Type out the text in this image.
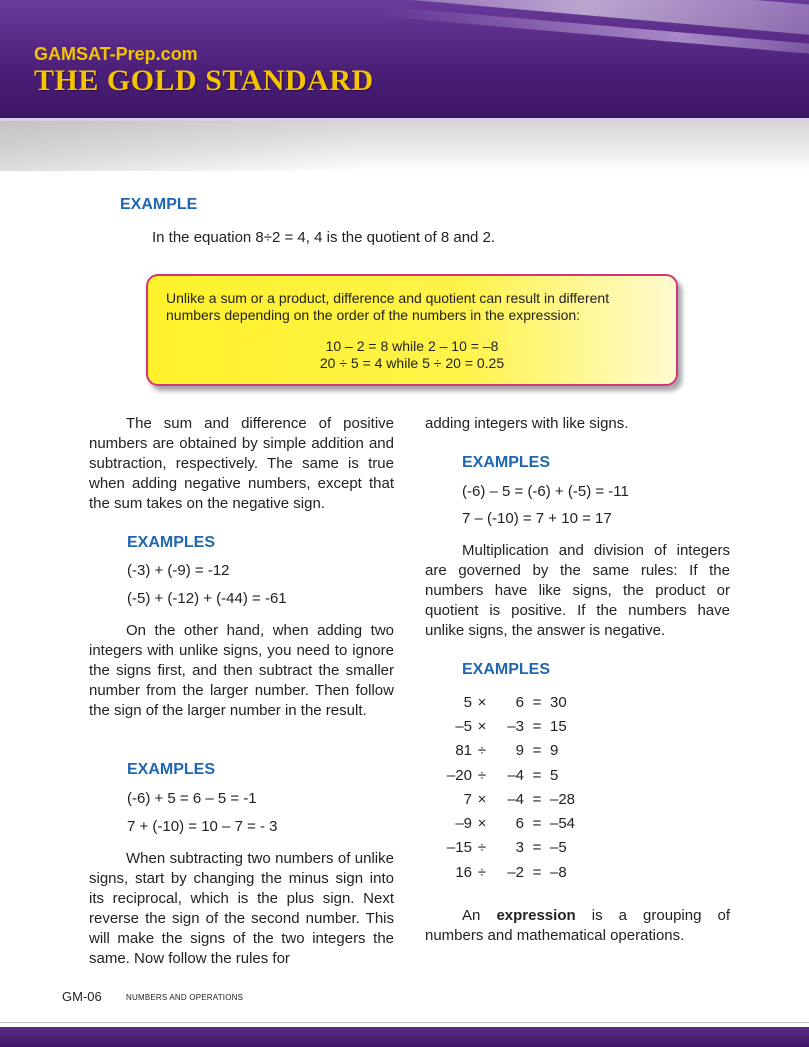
GAMSAT-Prep.com
THE GOLD STANDARD
EXAMPLE
In the equation 8÷2 = 4, 4 is the quotient of 8 and 2.
Unlike a sum or a product, difference and quotient can result in different numbers depending on the order of the numbers in the expression:
10 – 2 = 8 while 2 – 10 = –8
20 ÷ 5 = 4 while 5 ÷ 20 = 0.25
The sum and difference of positive numbers are obtained by simple addition and subtraction, respectively. The same is true when adding negative numbers, except that the sum takes on the negative sign.
EXAMPLES
(-3) + (-9) = -12
(-5) + (-12) + (-44) = -61
On the other hand, when adding two integers with unlike signs, you need to ignore the signs first, and then subtract the smaller number from the larger number. Then follow the sign of the larger number in the result.
EXAMPLES
(-6) + 5 = 6 – 5 = -1
7 + (-10) = 10 – 7 = - 3
When subtracting two numbers of unlike signs, start by changing the minus sign into its reciprocal, which is the plus sign. Next reverse the sign of the second number. This will make the signs of the two integers the same. Now follow the rules for
adding integers with like signs.
EXAMPLES
(-6) – 5 = (-6) + (-5) = -11
7 – (-10) = 7 + 10 = 17
Multiplication and division of integers are governed by the same rules: If the numbers have like signs, the product or quotient is positive. If the numbers have unlike signs, the answer is negative.
EXAMPLES
5	×	6	=	30
–5	×	–3	=	15
81	÷	9	=	9
–20	÷	–4	=	5
7	×	–4	=	–28
–9	×	6	=	–54
–15	÷	3	=	–5
16	÷	–2	=	–8
An expression is a grouping of numbers and mathematical operations.
GM-06	NUMBERS AND OPERATIONS
